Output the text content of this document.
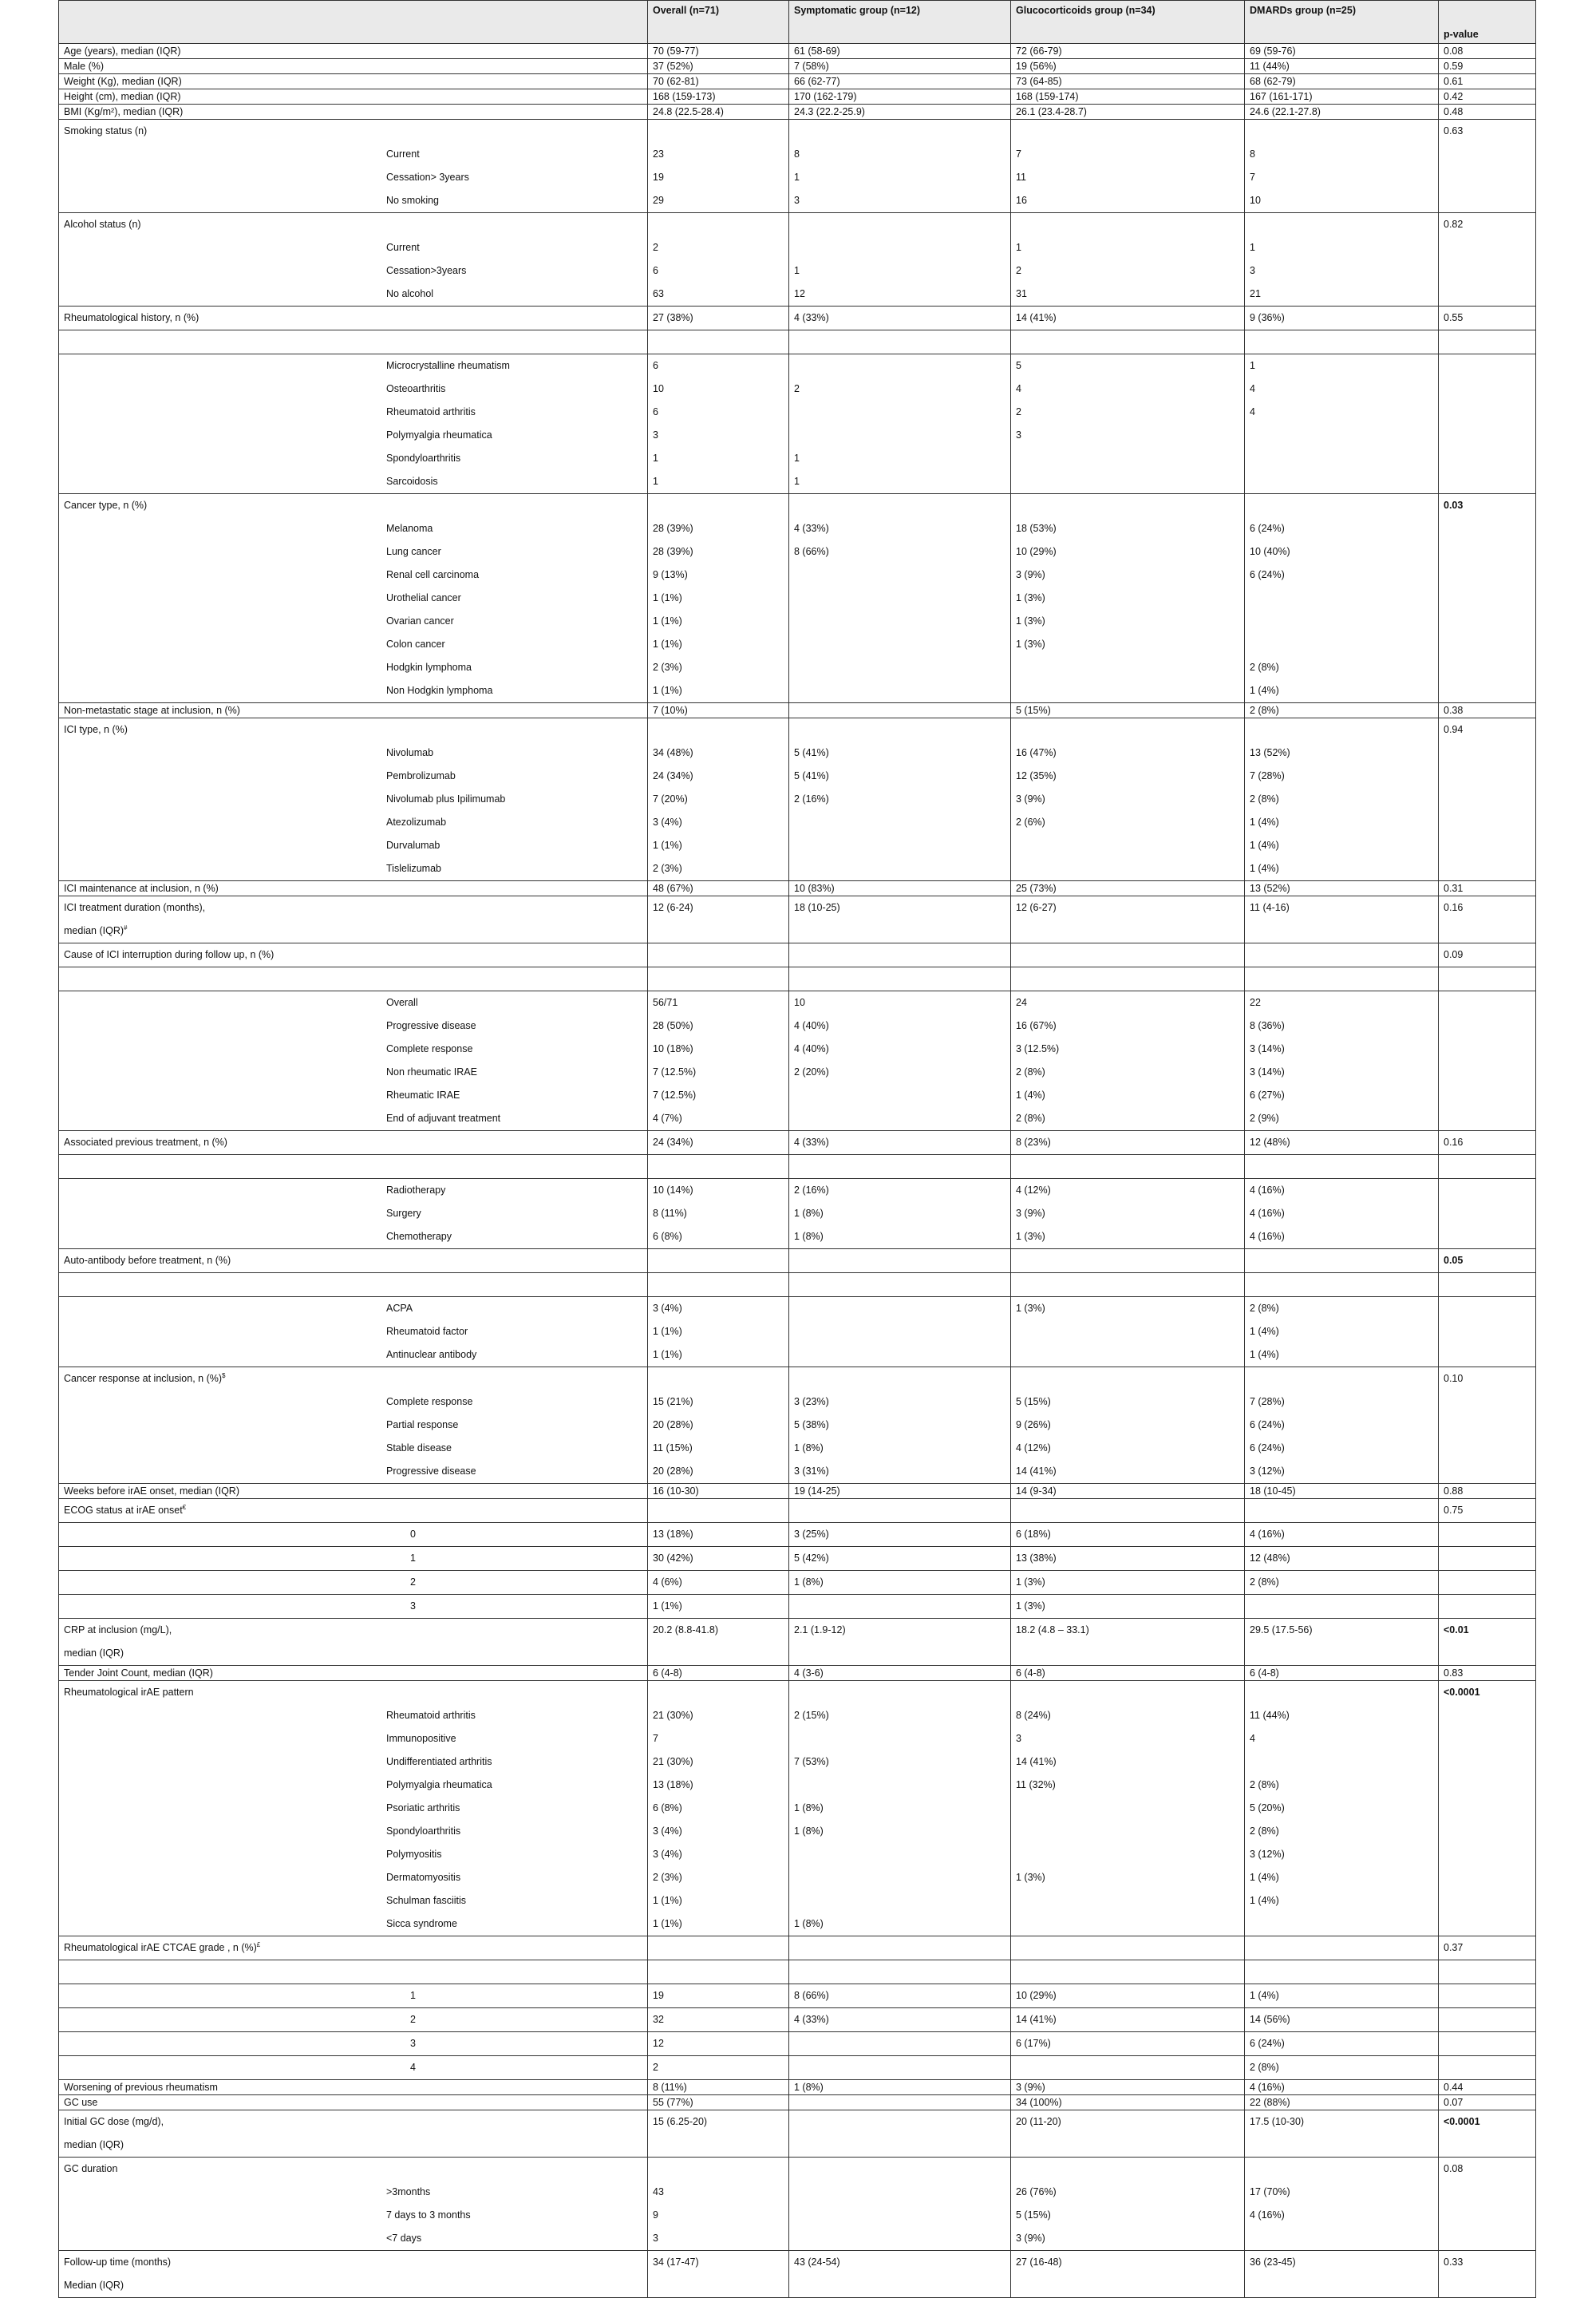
	Overall (n=71)	Symptomatic group (n=12)	Glucocorticoids group (n=34)	DMARDs group (n=25)	p-value
Age (years), median (IQR)	70 (59-77)	61 (58-69)	72 (66-79)	69 (59-76)	0.08
Male (%)	37 (52%)	7 (58%)	19 (56%)	11 (44%)	0.59
Weight (Kg), median (IQR)	70 (62-81)	66 (62-77)	73 (64-85)	68 (62-79)	0.61
Height (cm), median (IQR)	168 (159-173)	170 (162-179)	168 (159-174)	167 (161-171)	0.42
BMI (Kg/m²), median (IQR)	24.8 (22.5-28.4)	24.3 (22.2-25.9)	26.1 (23.4-28.7)	24.6 (22.1-27.8)	0.48
Smoking status (n)					0.63
Current	23	8	7	8	
Cessation> 3years	19	1	11	7	
No smoking	29	3	16	10	
Alcohol status (n)					0.82
Current	2		1	1	
Cessation>3years	6	1	2	3	
No alcohol	63	12	31	21	
Rheumatological history, n (%)	27 (38%)	4 (33%)	14 (41%)	9 (36%)	0.55

Microcrystalline rheumatism	6		5	1	
Osteoarthritis	10	2	4	4	
Rheumatoid arthritis	6		2	4	
Polymyalgia rheumatica	3		3		
Spondyloarthritis	1	1			
Sarcoidosis	1	1			
Cancer type, n (%)					0.03
Melanoma	28 (39%)	4 (33%)	18 (53%)	6 (24%)	
Lung cancer	28 (39%)	8 (66%)	10 (29%)	10 (40%)	
Renal cell carcinoma	9 (13%)		3 (9%)	6 (24%)	
Urothelial cancer	1 (1%)		1 (3%)		
Ovarian cancer	1 (1%)		1 (3%)		
Colon cancer	1 (1%)		1 (3%)		
Hodgkin lymphoma	2 (3%)			2 (8%)	
Non Hodgkin lymphoma	1 (1%)			1 (4%)	
Non-metastatic stage at inclusion, n (%)	7 (10%)		5 (15%)	2 (8%)	0.38
ICI type, n (%)					0.94
Nivolumab	34 (48%)	5 (41%)	16 (47%)	13 (52%)	
Pembrolizumab	24 (34%)	5 (41%)	12 (35%)	7 (28%)	
Nivolumab plus Ipilimumab	7 (20%)	2 (16%)	3 (9%)	2 (8%)	
Atezolizumab	3 (4%)		2 (6%)	1 (4%)	
Durvalumab	1 (1%)			1 (4%)	
Tislelizumab	2 (3%)			1 (4%)	
ICI maintenance at inclusion, n (%)	48 (67%)	10 (83%)	25 (73%)	13 (52%)	0.31
ICI treatment duration (months),	12 (6-24)	18 (10-25)	12 (6-27)	11 (4-16)	0.16
median (IQR)#					
Cause of ICI interruption during follow up, n (%)					0.09

Overall	56/71	10	24	22	
Progressive disease	28 (50%)	4 (40%)	16 (67%)	8 (36%)	
Complete response	10 (18%)	4 (40%)	3 (12.5%)	3 (14%)	
Non rheumatic IRAE	7 (12.5%)	2 (20%)	2 (8%)	3 (14%)	
Rheumatic IRAE	7 (12.5%)		1 (4%)	6 (27%)	
End of adjuvant treatment	4 (7%)		2 (8%)	2 (9%)	
Associated previous treatment, n (%)	24 (34%)	4 (33%)	8 (23%)	12 (48%)	0.16

Radiotherapy	10 (14%)	2 (16%)	4 (12%)	4 (16%)	
Surgery	8 (11%)	1 (8%)	3 (9%)	4 (16%)	
Chemotherapy	6 (8%)	1 (8%)	1 (3%)	4 (16%)	
Auto-antibody before treatment, n (%)					0.05

ACPA	3 (4%)		1 (3%)	2 (8%)	
Rheumatoid factor	1 (1%)			1 (4%)	
Antinuclear antibody	1 (1%)			1 (4%)	
Cancer response at inclusion, n (%)$					0.10
Complete response	15 (21%)	3 (23%)	5 (15%)	7 (28%)	
Partial response	20 (28%)	5 (38%)	9 (26%)	6 (24%)	
Stable disease	11 (15%)	1 (8%)	4 (12%)	6 (24%)	
Progressive disease	20 (28%)	3 (31%)	14 (41%)	3 (12%)	
Weeks before irAE onset, median (IQR)	16 (10-30)	19 (14-25)	14 (9-34)	18 (10-45)	0.88
ECOG status at irAE onset€					0.75
0	13 (18%)	3 (25%)	6 (18%)	4 (16%)	
1	30 (42%)	5 (42%)	13 (38%)	12 (48%)	
2	4 (6%)	1 (8%)	1 (3%)	2 (8%)	
3	1 (1%)		1 (3%)		
CRP at inclusion (mg/L),	20.2 (8.8-41.8)	2.1 (1.9-12)	18.2 (4.8 – 33.1)	29.5 (17.5-56)	<0.01
median (IQR)					
Tender Joint Count, median (IQR)	6 (4-8)	4 (3-6)	6 (4-8)	6 (4-8)	0.83
Rheumatological irAE pattern					<0.0001
Rheumatoid arthritis	21 (30%)	2 (15%)	8 (24%)	11 (44%)	
Immunopositive	7		3	4	
Undifferentiated arthritis	21 (30%)	7 (53%)	14 (41%)		
Polymyalgia rheumatica	13 (18%)		11 (32%)	2 (8%)	
Psoriatic arthritis	6 (8%)	1 (8%)		5 (20%)	
Spondyloarthritis	3 (4%)	1 (8%)		2 (8%)	
Polymyositis	3 (4%)			3 (12%)	
Dermatomyositis	2 (3%)		1 (3%)	1 (4%)	
Schulman fasciitis	1 (1%)			1 (4%)	
Sicca syndrome	1 (1%)	1 (8%)			
Rheumatological irAE CTCAE grade , n (%)£					0.37

1	19	8 (66%)	10 (29%)	1 (4%)	
2	32	4 (33%)	14 (41%)	14 (56%)	
3	12		6 (17%)	6 (24%)	
4	2			2 (8%)	
Worsening of previous rheumatism	8 (11%)	1 (8%)	3 (9%)	4 (16%)	0.44
GC use	55 (77%)		34 (100%)	22 (88%)	0.07
Initial GC dose (mg/d),	15 (6.25-20)		20 (11-20)	17.5 (10-30)	<0.0001
median (IQR)					
GC duration					0.08
>3months	43		26 (76%)	17 (70%)	
7 days to 3 months	9		5 (15%)	4 (16%)	
<7 days	3		3 (9%)		
Follow-up time (months)	34 (17-47)	43 (24-54)	27 (16-48)	36 (23-45)	0.33
Median (IQR)					
